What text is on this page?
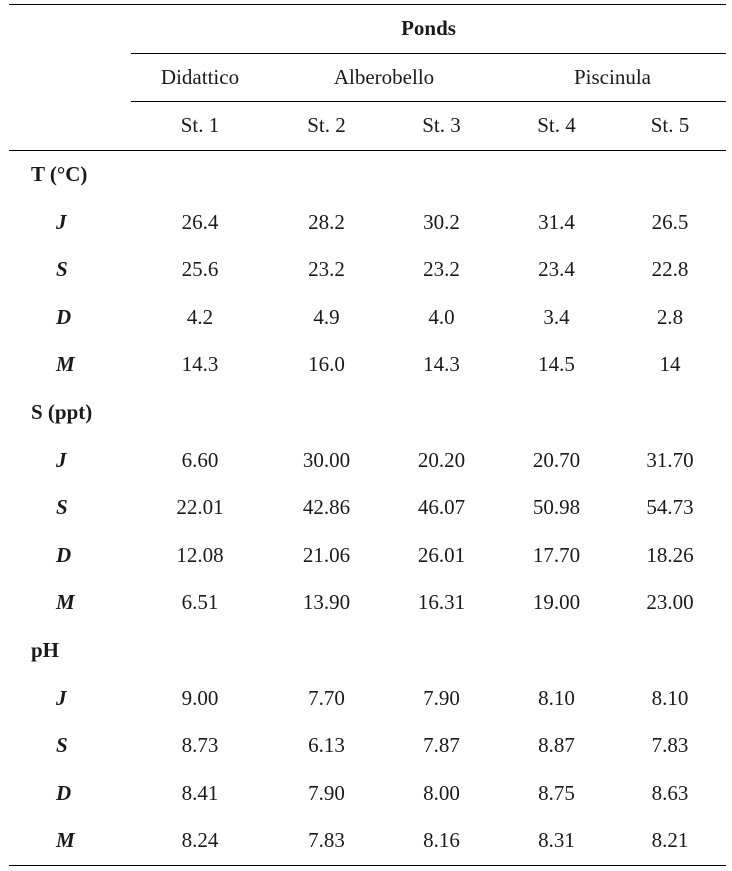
	Ponds				
	Didattico	Alberobello		Piscinula	
	St. 1	St. 2	St. 3	St. 4	St. 5
T (°C)					
J	26.4	28.2	30.2	31.4	26.5
S	25.6	23.2	23.2	23.4	22.8
D	4.2	4.9	4.0	3.4	2.8
M	14.3	16.0	14.3	14.5	14
S (ppt)					
J	6.60	30.00	20.20	20.70	31.70
S	22.01	42.86	46.07	50.98	54.73
D	12.08	21.06	26.01	17.70	18.26
M	6.51	13.90	16.31	19.00	23.00
pH					
J	9.00	7.70	7.90	8.10	8.10
S	8.73	6.13	7.87	8.87	7.83
D	8.41	7.90	8.00	8.75	8.63
M	8.24	7.83	8.16	8.31	8.21
